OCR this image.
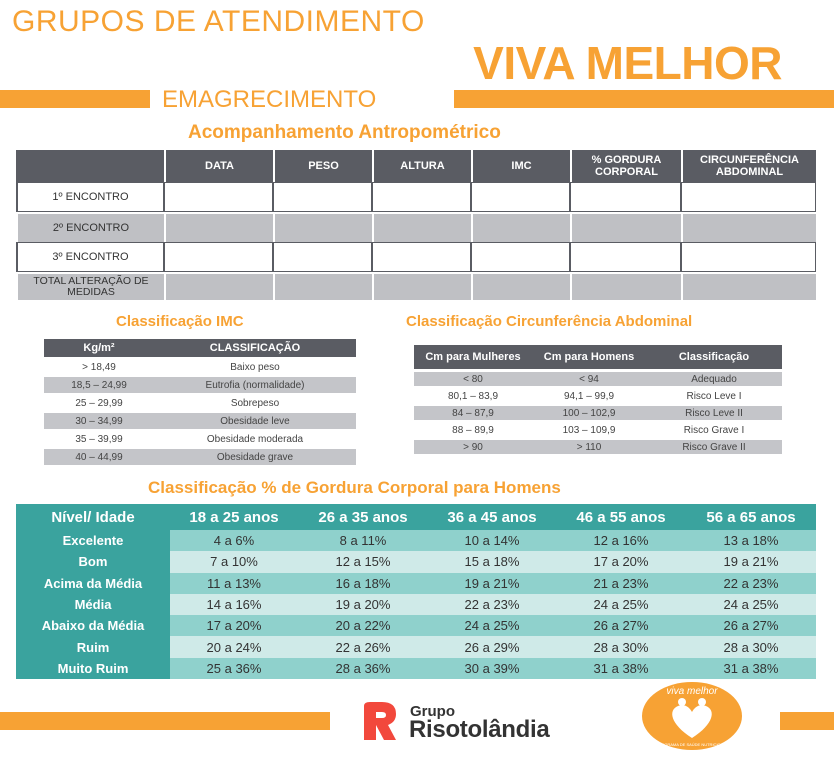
GRUPOS DE ATENDIMENTO
VIVA MELHOR
EMAGRECIMENTO
Acompanhamento Antropométrico
	DATA	PESO	ALTURA	IMC	% GORDURA CORPORAL	CIRCUNFERÊNCIA ABDOMINAL
1º ENCONTRO						
2º ENCONTRO						
3º ENCONTRO						
TOTAL ALTERAÇÃO DE MEDIDAS						
Classificação IMC
Kg/m²	CLASSIFICAÇÃO
> 18,49	Baixo peso
18,5 – 24,99	Eutrofia (normalidade)
25 – 29,99	Sobrepeso
30 – 34,99	Obesidade leve
35 – 39,99	Obesidade moderada
40 – 44,99	Obesidade grave
Classificação Circunferência Abdominal
Cm para Mulheres	Cm para Homens	Classificação
< 80	< 94	Adequado
80,1 – 83,9	94,1 – 99,9	Risco Leve I
84 – 87,9	100 – 102,9	Risco Leve II
88 – 89,9	103 – 109,9	Risco Grave I
> 90	> 110	Risco Grave II
Classificação % de Gordura Corporal para Homens
Nível/ Idade	18 a 25 anos	26 a 35 anos	36 a 45 anos	46 a 55 anos	56 a 65 anos
Excelente	4 a 6%	8 a 11%	10 a 14%	12 a 16%	13 a 18%
Bom	7 a 10%	12 a 15%	15 a 18%	17 a 20%	19 a 21%
Acima da Média	11 a 13%	16 a 18%	19 a 21%	21 a 23%	22 a 23%
Média	14 a 16%	19 a 20%	22 a 23%	24 a 25%	24 a 25%
Abaixo da Média	17 a 20%	20 a 22%	24 a 25%	26 a 27%	26 a 27%
Ruim	20 a 24%	22 a 26%	26 a 29%	28 a 30%	28 a 30%
Muito Ruim	25 a 36%	28 a 36%	30 a 39%	31 a 38%	31 a 38%
Grupo
Risotolândia
viva melhor
PROGRAMA DE SAÚDE NUTRICIONAL
